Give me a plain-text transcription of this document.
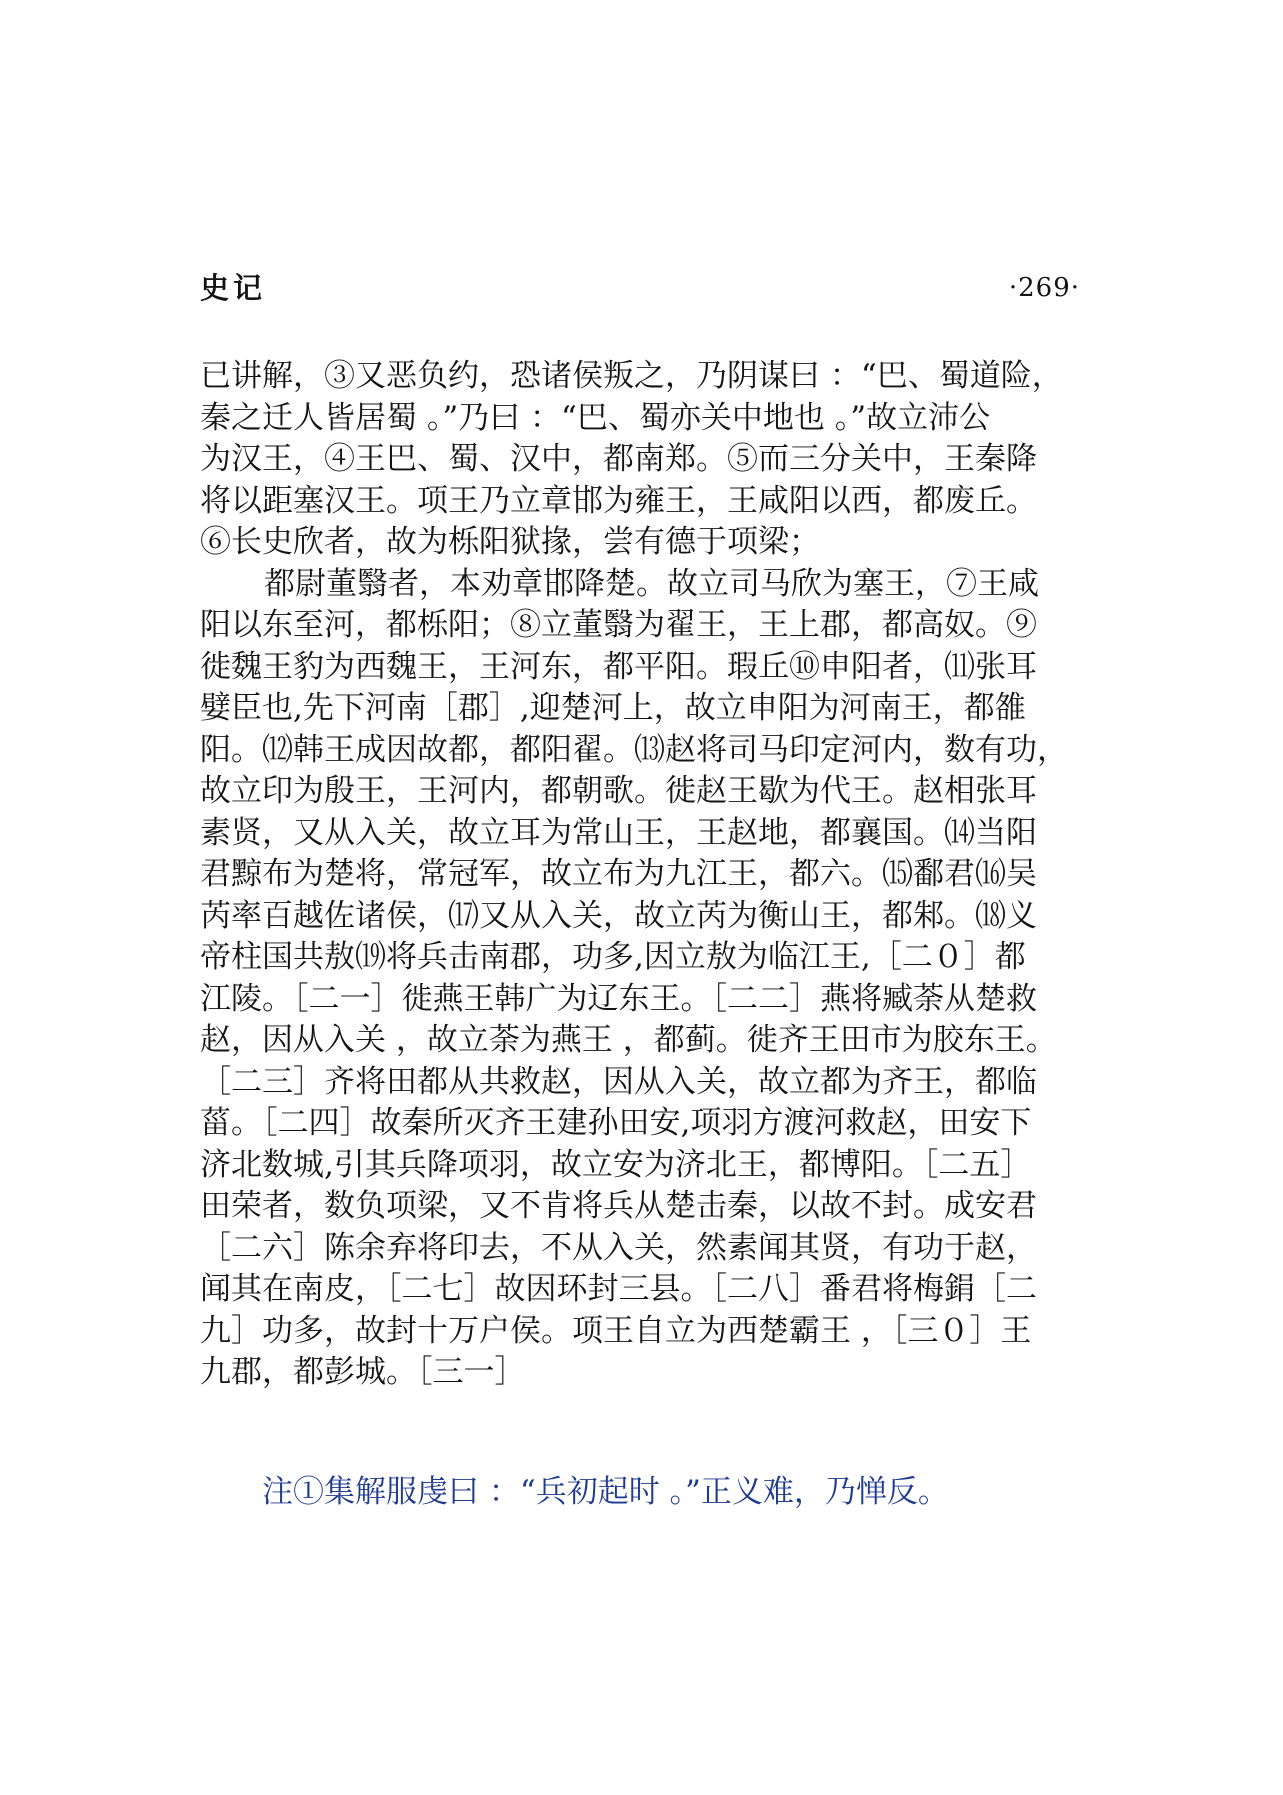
史记	·269·
已讲解，③又恶负约，恐诸侯叛之，乃阴谋曰 ：“巴、蜀道险，
秦之迁人皆居蜀 。”乃曰 ：“巴、蜀亦关中地也 。”故立沛公
为汉王，④王巴、蜀、汉中，都南郑。⑤而三分关中，王秦降
将以距塞汉王。项王乃立章邯为雍王，王咸阳以西，都废丘。
⑥长史欣者，故为栎阳狱掾，尝有德于项梁；
都尉董翳者，本劝章邯降楚。故立司马欣为塞王，⑦王咸
阳以东至河，都栎阳；⑧立董翳为翟王，王上郡，都高奴。⑨
徙魏王豹为西魏王，王河东，都平阳。瑕丘⑩申阳者，⑾张耳
嬖臣也,先下河南［郡］,迎楚河上，故立申阳为河南王，都雒
阳。⑿韩王成因故都，都阳翟。⒀赵将司马印定河内，数有功，
故立印为殷王，王河内，都朝歌。徙赵王歇为代王。赵相张耳
素贤，又从入关，故立耳为常山王，王赵地，都襄国。⒁当阳
君黥布为楚将，常冠军，故立布为九江王，都六。⒂鄱君⒃吴
芮率百越佐诸侯，⒄又从入关，故立芮为衡山王，都邾。⒅义
帝柱国共敖⒆将兵击南郡，功多,因立敖为临江王,［二０］都
江陵。［二一］徙燕王韩广为辽东王。［二二］燕将臧荼从楚救
赵，因从入关 ，故立荼为燕王 ，都蓟。徙齐王田市为胶东王。
［二三］齐将田都从共救赵，因从入关，故立都为齐王，都临
菑。［二四］故秦所灭齐王建孙田安,项羽方渡河救赵，田安下
济北数城,引其兵降项羽，故立安为济北王，都博阳。［二五］
田荣者，数负项梁，又不肯将兵从楚击秦，以故不封。成安君
［二六］陈余弃将印去，不从入关，然素闻其贤，有功于赵，
闻其在南皮，［二七］故因环封三县。［二八］番君将梅鋗［二
九］功多，故封十万户侯。项王自立为西楚霸王 ，［三０］王
九郡，都彭城。［三一］
注①集解服虔曰 ：“兵初起时 。”正义难，乃惮反。
